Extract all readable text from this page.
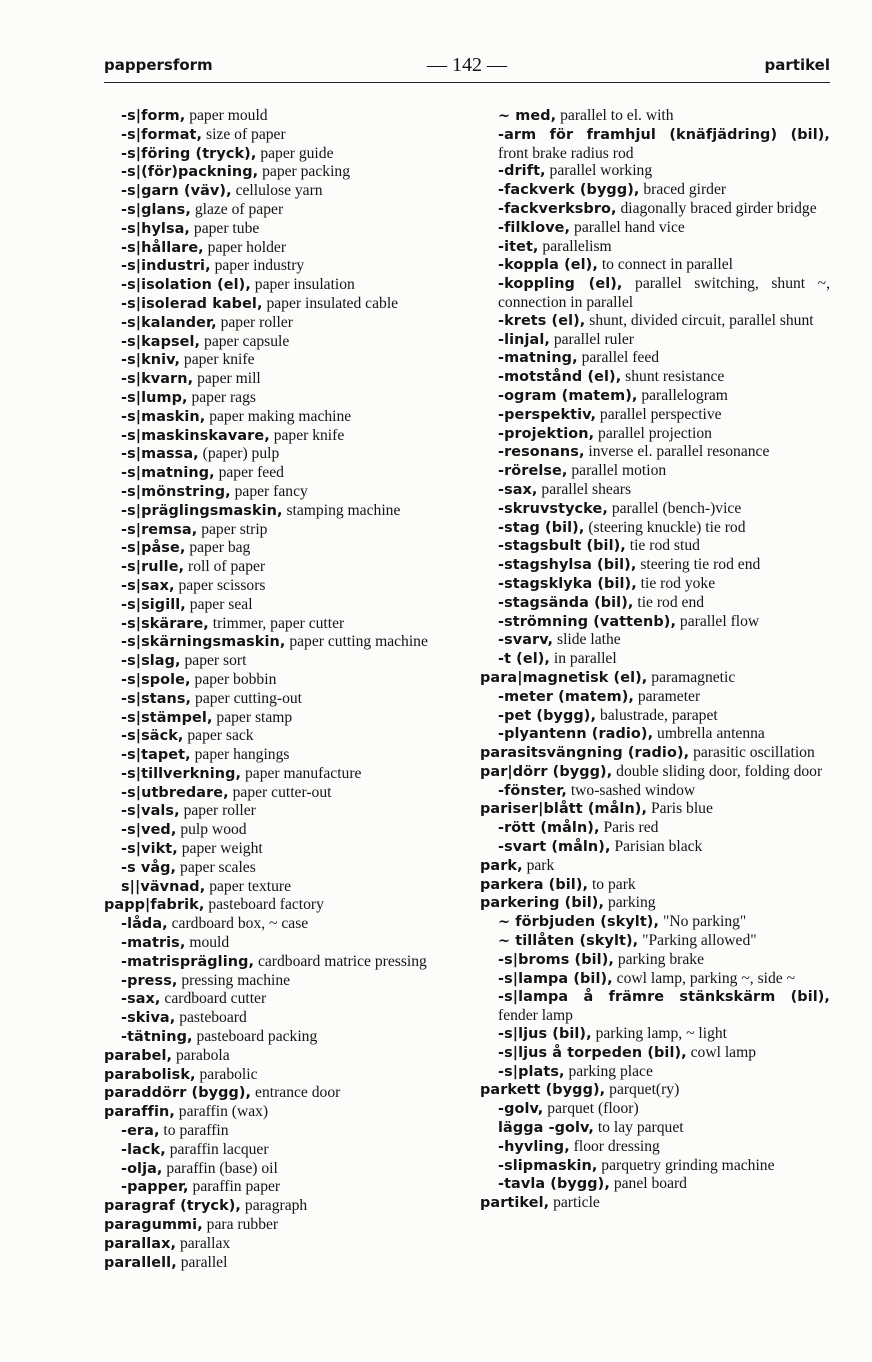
pappersform	— 142 —	partikel
-s|form, paper mould
-s|format, size of paper
-s|föring (tryck), paper guide
-s|(för)packning, paper packing
-s|garn (väv), cellulose yarn
-s|glans, glaze of paper
-s|hylsa, paper tube
-s|hållare, paper holder
-s|industri, paper industry
-s|isolation (el), paper insulation
-s|isolerad kabel, paper insulated cable
-s|kalander, paper roller
-s|kapsel, paper capsule
-s|kniv, paper knife
-s|kvarn, paper mill
-s|lump, paper rags
-s|maskin, paper making machine
-s|maskinskavare, paper knife
-s|massa, (paper) pulp
-s|matning, paper feed
-s|mönstring, paper fancy
-s|präglingsmaskin, stamping machine
-s|remsa, paper strip
-s|påse, paper bag
-s|rulle, roll of paper
-s|sax, paper scissors
-s|sigill, paper seal
-s|skärare, trimmer, paper cutter
-s|skärningsmaskin, paper cutting machine
-s|slag, paper sort
-s|spole, paper bobbin
-s|stans, paper cutting-out
-s|stämpel, paper stamp
-s|säck, paper sack
-s|tapet, paper hangings
-s|tillverkning, paper manufacture
-s|utbredare, paper cutter-out
-s|vals, paper roller
-s|ved, pulp wood
-s|vikt, paper weight
-s våg, paper scales
s||vävnad, paper texture
papp|fabrik, pasteboard factory
-låda, cardboard box, ~ case
-matris, mould
-matrisprägling, cardboard matrice pressing
-press, pressing machine
-sax, cardboard cutter
-skiva, pasteboard
-tätning, pasteboard packing
parabel, parabola
parabolisk, parabolic
paraddörr (bygg), entrance door
paraffin, paraffin (wax)
-era, to paraffin
-lack, paraffin lacquer
-olja, paraffin (base) oil
-papper, paraffin paper
paragraf (tryck), paragraph
paragummi, para rubber
parallax, parallax
parallell, parallel
~ med, parallel to el. with
-arm för framhjul (knäfjädring) (bil), front brake radius rod
-drift, parallel working
-fackverk (bygg), braced girder
-fackverksbro, diagonally braced girder bridge
-filklove, parallel hand vice
-itet, parallelism
-koppla (el), to connect in parallel
-koppling (el), parallel switching, shunt ~, connection in parallel
-krets (el), shunt, divided circuit, parallel shunt
-linjal, parallel ruler
-matning, parallel feed
-motstånd (el), shunt resistance
-ogram (matem), parallelogram
-perspektiv, parallel perspective
-projektion, parallel projection
-resonans, inverse el. parallel resonance
-rörelse, parallel motion
-sax, parallel shears
-skruvstycke, parallel (bench-)vice
-stag (bil), (steering knuckle) tie rod
-stagsbult (bil), tie rod stud
-stagshylsa (bil), steering tie rod end
-stagsklyka (bil), tie rod yoke
-stagsända (bil), tie rod end
-strömning (vattenb), parallel flow
-svarv, slide lathe
-t (el), in parallel
para|magnetisk (el), paramagnetic
-meter (matem), parameter
-pet (bygg), balustrade, parapet
-plyantenn (radio), umbrella antenna
parasitsvängning (radio), parasitic oscillation
par|dörr (bygg), double sliding door, folding door
-fönster, two-sashed window
pariser|blått (måln), Paris blue
-rött (måln), Paris red
-svart (måln), Parisian black
park, park
parkera (bil), to park
parkering (bil), parking
~ förbjuden (skylt), "No parking"
~ tillåten (skylt), "Parking allowed"
-s|broms (bil), parking brake
-s|lampa (bil), cowl lamp, parking ~, side ~
-s|lampa å främre stänkskärm (bil), fender lamp
-s|ljus (bil), parking lamp, ~ light
-s|ljus å torpeden (bil), cowl lamp
-s|plats, parking place
parkett (bygg), parquet(ry)
-golv, parquet (floor)
lägga -golv, to lay parquet
-hyvling, floor dressing
-slipmaskin, parquetry grinding machine
-tavla (bygg), panel board
partikel, particle
